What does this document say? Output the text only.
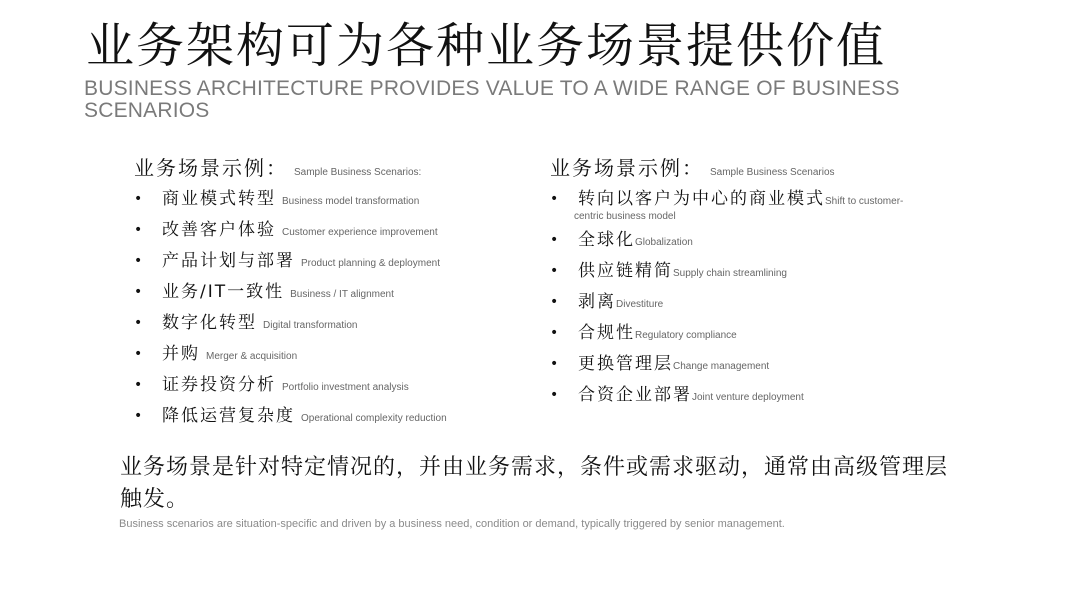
业务架构可为各种业务场景提供价值
BUSINESS ARCHITECTURE PROVIDES VALUE TO A WIDE RANGE OF BUSINESS SCENARIOS
业务场景示例： Sample Business Scenarios:
• 商业模式转型 Business model transformation
• 改善客户体验 Customer experience improvement
• 产品计划与部署 Product planning & deployment
• 业务/IT一致性 Business / IT alignment
• 数字化转型 Digital transformation
• 并购 Merger & acquisition
• 证券投资分析 Portfolio investment analysis
• 降低运营复杂度 Operational complexity reduction
业务场景示例： Sample Business Scenarios
• 转向以客户为中心的商业模式Shift to customer-
centric business model
• 全球化Globalization
• 供应链精简Supply chain streamlining
• 剥离Divestiture
• 合规性Regulatory compliance
• 更换管理层Change management
• 合资企业部署Joint venture deployment
业务场景是针对特定情况的，并由业务需求，条件或需求驱动，通常由高级管理层触发。
Business scenarios are situation-specific and driven by a business need, condition or demand, typically triggered by senior management.
